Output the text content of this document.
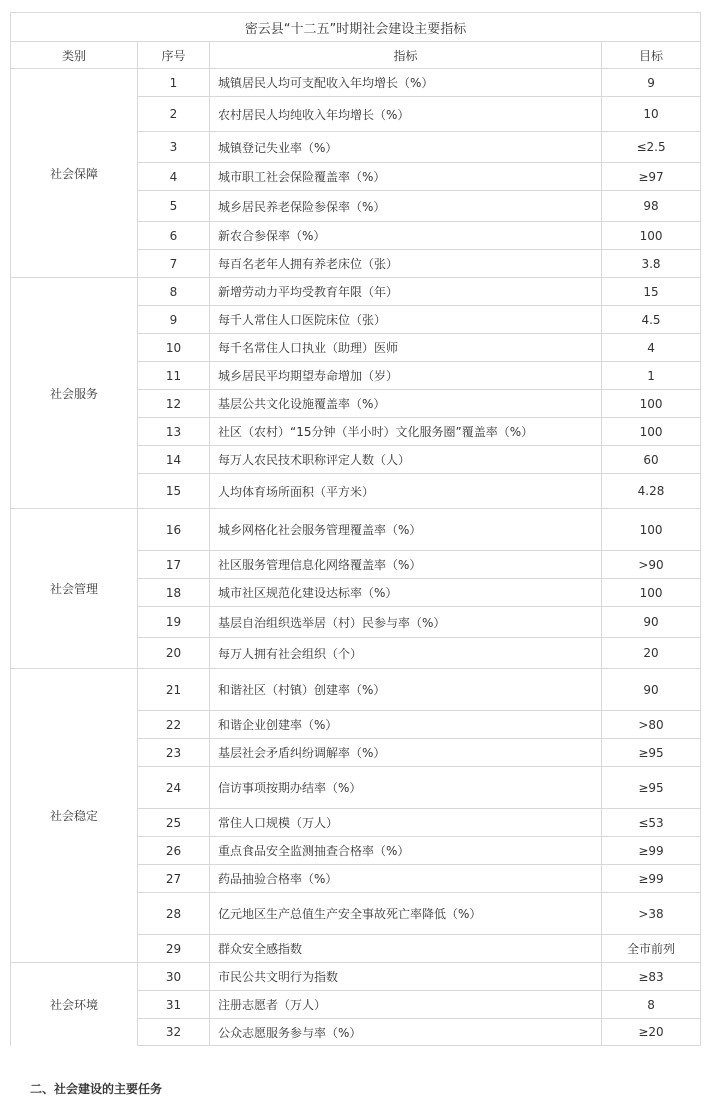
密云县“十二五”时期社会建设主要指标			
类别	序号	指标	目标
社会保障	1	城镇居民人均可支配收入年均增长（%）	9
	2	农村居民人均纯收入年均增长（%）	10
	3	城镇登记失业率（%）	≤2.5
	4	城市职工社会保险覆盖率（%）	≥97
	5	城乡居民养老保险参保率（%）	98
	6	新农合参保率（%）	100
	7	每百名老年人拥有养老床位（张）	3.8
社会服务	8	新增劳动力平均受教育年限（年）	15
	9	每千人常住人口医院床位（张）	4.5
	10	每千名常住人口执业（助理）医师	4
	11	城乡居民平均期望寿命增加（岁）	1
	12	基层公共文化设施覆盖率（%）	100
	13	社区（农村）“15分钟（半小时）文化服务圈”覆盖率（%）	100
	14	每万人农民技术职称评定人数（人）	60
	15	人均体育场所面积（平方米）	4.28
社会管理	16	城乡网格化社会服务管理覆盖率（%）	100
	17	社区服务管理信息化网络覆盖率（%）	>90
	18	城市社区规范化建设达标率（%）	100
	19	基层自治组织选举居（村）民参与率（%）	90
	20	每万人拥有社会组织（个）	20
社会稳定	21	和谐社区（村镇）创建率（%）	90
	22	和谐企业创建率（%）	>80
	23	基层社会矛盾纠纷调解率（%）	≥95
	24	信访事项按期办结率（%）	≥95
	25	常住人口规模（万人）	≤53
	26	重点食品安全监测抽查合格率（%）	≥99
	27	药品抽验合格率（%）	≥99
	28	亿元地区生产总值生产安全事故死亡率降低（%）	>38
	29	群众安全感指数	全市前列
社会环境	30	市民公共文明行为指数	≥83
	31	注册志愿者（万人）	8
	32	公众志愿服务参与率（%）	≥20
二、社会建设的主要任务
